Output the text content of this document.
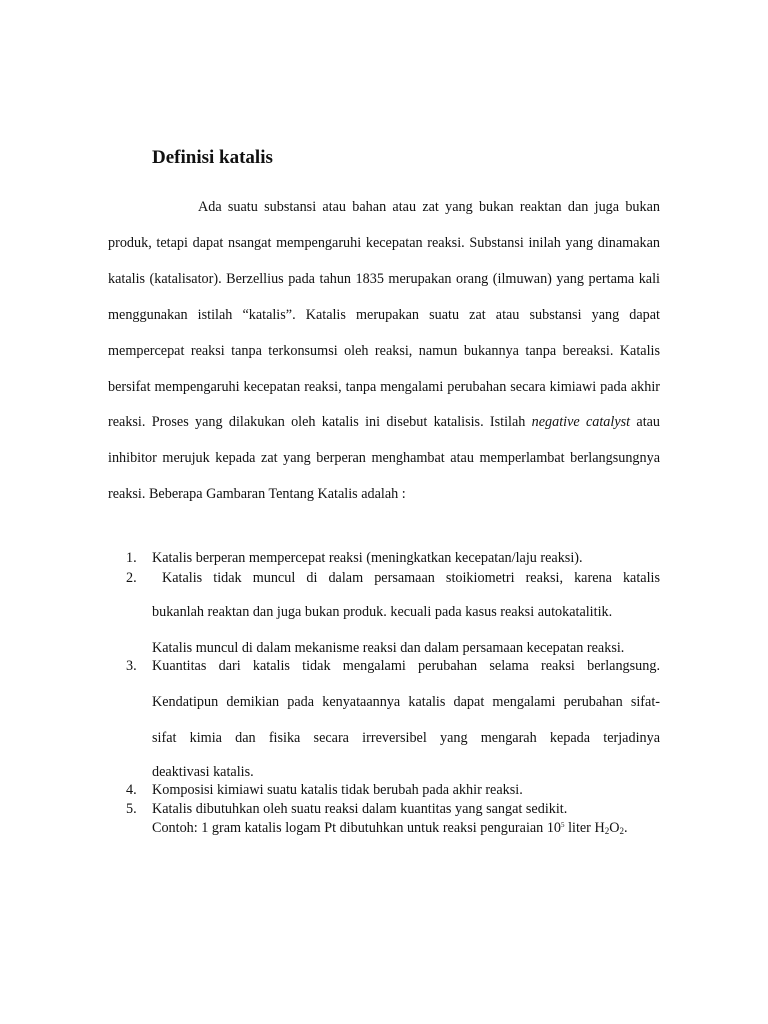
Definisi katalis

Ada suatu substansi atau bahan atau zat yang bukan reaktan dan juga bukan produk, tetapi dapat nsangat mempengaruhi kecepatan reaksi. Substansi inilah yang dinamakan katalis (katalisator). Berzellius pada tahun 1835 merupakan orang (ilmuwan) yang pertama kali menggunakan istilah “katalis”. Katalis merupakan suatu zat atau substansi yang dapat mempercepat reaksi tanpa terkonsumsi oleh reaksi, namun bukannya tanpa bereaksi. Katalis bersifat mempengaruhi kecepatan reaksi, tanpa mengalami perubahan secara kimiawi pada akhir reaksi. Proses yang dilakukan oleh katalis ini disebut katalisis. Istilah negative catalyst atau inhibitor merujuk kepada zat yang berperan menghambat atau memperlambat berlangsungnya reaksi. Beberapa Gambaran Tentang Katalis adalah :

1.	Katalis berperan mempercepat reaksi (meningkatkan kecepatan/laju reaksi).
2.	Katalis tidak muncul di dalam persamaan stoikiometri reaksi, karena katalis
bukanlah reaktan dan juga bukan produk. kecuali pada kasus reaksi autokatalitik.
Katalis muncul di dalam mekanisme reaksi dan dalam persamaan kecepatan reaksi.
3.	Kuantitas dari katalis tidak mengalami perubahan selama reaksi berlangsung.
Kendatipun demikian pada kenyataannya katalis dapat mengalami perubahan sifat-
sifat kimia dan fisika secara irreversibel yang mengarah kepada terjadinya
deaktivasi katalis.
4.	Komposisi kimiawi suatu katalis tidak berubah pada akhir reaksi.
5.	Katalis dibutuhkan oleh suatu reaksi dalam kuantitas yang sangat sedikit.
Contoh: 1 gram katalis logam Pt dibutuhkan untuk reaksi penguraian $10^5$ liter $H_2O_2$.
